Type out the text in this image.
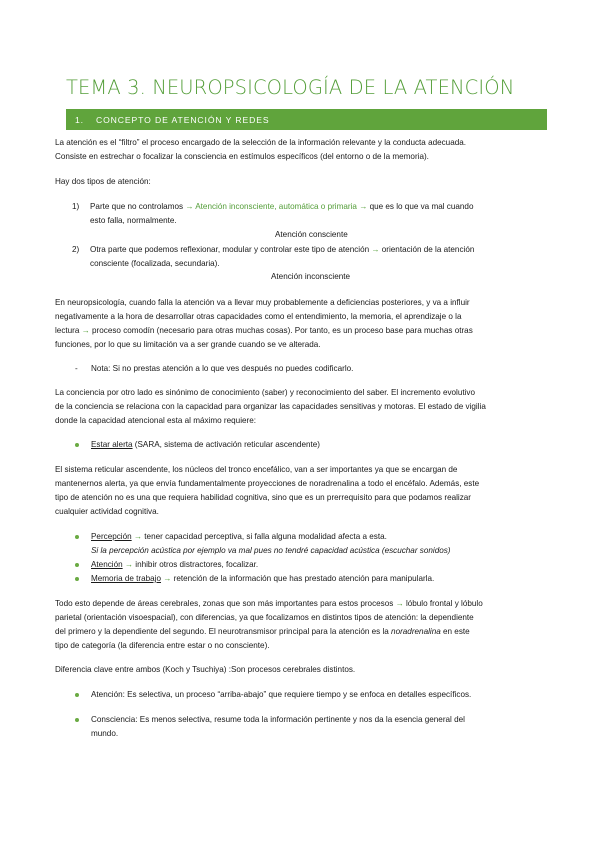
TEMA 3. NEUROPSICOLOGÍA DE LA ATENCIÓN
1. CONCEPTO DE ATENCIÓN Y REDES
La atención es el “filtro” el proceso encargado de la selección de la información relevante y la conducta adecuada.
Consiste en estrechar o focalizar la consciencia en estímulos específicos (del entorno o de la memoria).
Hay dos tipos de atención:
1) Parte que no controlamos → Atención inconsciente, automática o primaria → que es lo que va mal cuando
esto falla, normalmente.
Atención consciente
2) Otra parte que podemos reflexionar, modular y controlar este tipo de atención → orientación de la atención
consciente (focalizada, secundaria).
Atención inconsciente
En neuropsicología, cuando falla la atención va a llevar muy probablemente a deficiencias posteriores, y va a influir
negativamente a la hora de desarrollar otras capacidades como el entendimiento, la memoria, el aprendizaje o la
lectura → proceso comodín (necesario para otras muchas cosas). Por tanto, es un proceso base para muchas otras
funciones, por lo que su limitación va a ser grande cuando se ve alterada.
- Nota: Si no prestas atención a lo que ves después no puedes codificarlo.
La conciencia por otro lado es sinónimo de conocimiento (saber) y reconocimiento del saber. El incremento evolutivo
de la conciencia se relaciona con la capacidad para organizar las capacidades sensitivas y motoras. El estado de vigilia
donde la capacidad atencional esta al máximo requiere:
Estar alerta (SARA, sistema de activación reticular ascendente)
El sistema reticular ascendente, los núcleos del tronco encefálico, van a ser importantes ya que se encargan de
mantenernos alerta, ya que envía fundamentalmente proyecciones de noradrenalina a todo el encéfalo. Además, este
tipo de atención no es una que requiera habilidad cognitiva, sino que es un prerrequisito para que podamos realizar
cualquier actividad cognitiva.
Percepción → tener capacidad perceptiva, si falla alguna modalidad afecta a esta.
Si la percepción acústica por ejemplo va mal pues no tendré capacidad acústica (escuchar sonidos)
Atención → inhibir otros distractores, focalizar.
Memoria de trabajo → retención de la información que has prestado atención para manipularla.
Todo esto depende de áreas cerebrales, zonas que son más importantes para estos procesos → lóbulo frontal y lóbulo
parietal (orientación visoespacial), con diferencias, ya que focalizamos en distintos tipos de atención: la dependiente
del primero y la dependiente del segundo. El neurotransmisor principal para la atención es la noradrenalina en este
tipo de categoría (la diferencia entre estar o no consciente).
Diferencia clave entre ambos (Koch y Tsuchiya) :Son procesos cerebrales distintos.
Atención: Es selectiva, un proceso “arriba-abajo” que requiere tiempo y se enfoca en detalles específicos.
Consciencia: Es menos selectiva, resume toda la información pertinente y nos da la esencia general del
mundo.
